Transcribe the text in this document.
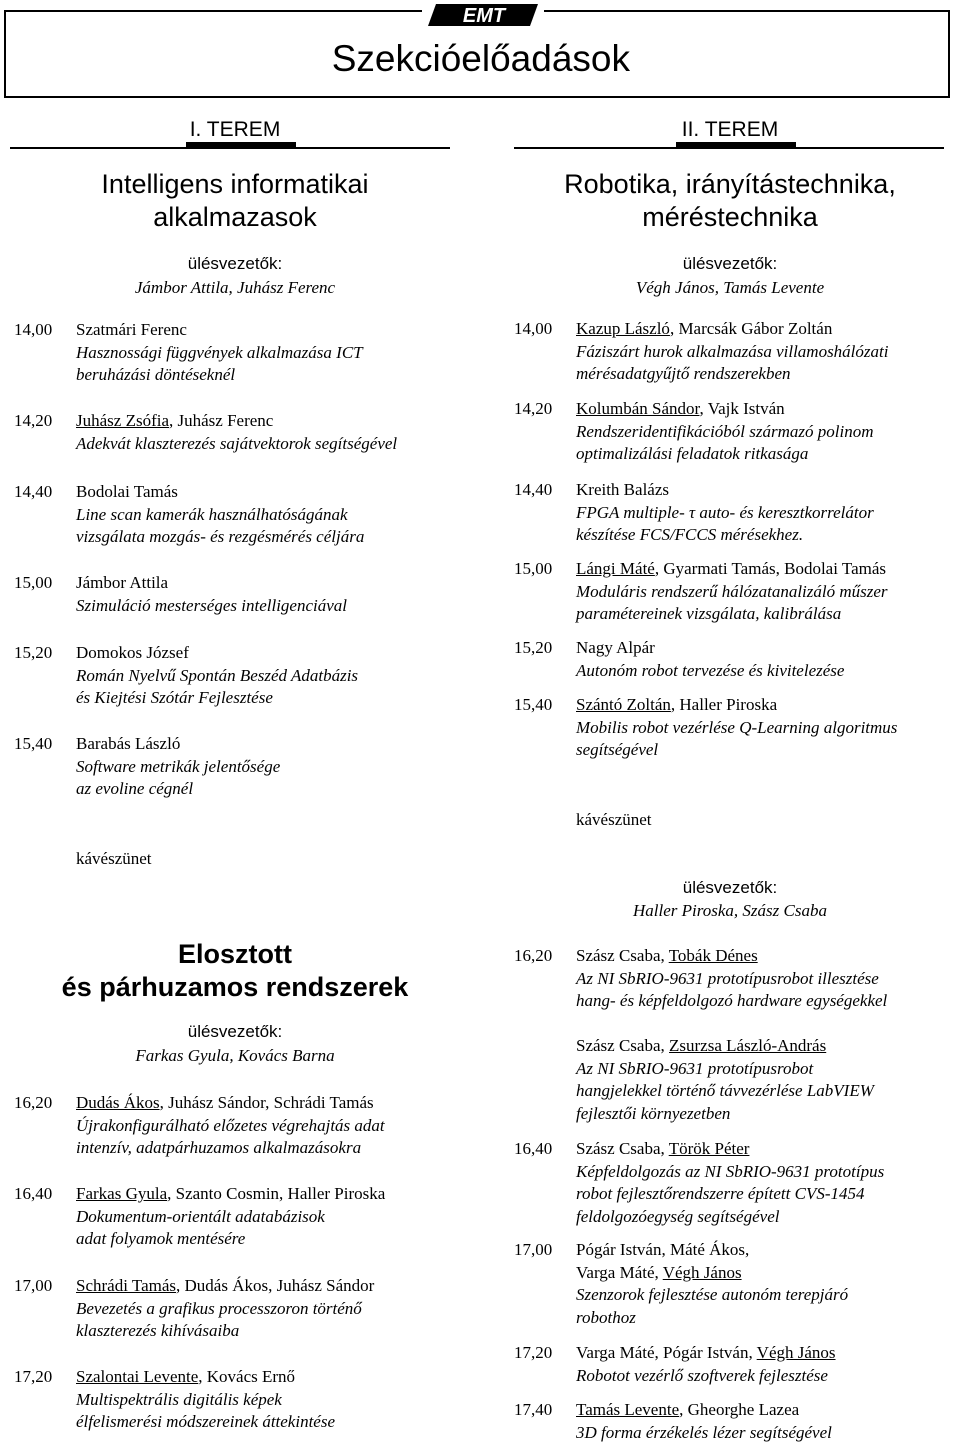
EMT
Szekcióelőadások
I. TEREM
Intelligens informatikai
alkalmazasok
ülésvezetők:
Jámbor Attila, Juhász Ferenc
14,00 Szatmári Ferenc
Hasznossági függvények alkalmazása ICT
beruházási döntéseknél
14,20 Juhász Zsófia, Juhász Ferenc
Adekvát klaszterezés sajátvektorok segítségével
14,40 Bodolai Tamás
Line scan kamerák használhatóságának
vizsgálata mozgás- és rezgésmérés céljára
15,00 Jámbor Attila
Szimuláció mesterséges intelligenciával
15,20 Domokos József
Román Nyelvű Spontán Beszéd Adatbázis
és Kiejtési Szótár Fejlesztése
15,40 Barabás László
Software metrikák jelentősége
az evoline cégnél
kávészünet
Elosztott
és párhuzamos rendszerek
ülésvezetők:
Farkas Gyula, Kovács Barna
16,20 Dudás Ákos, Juhász Sándor, Schrádi Tamás
Újrakonfigurálható előzetes végrehajtás adat
intenzív, adatpárhuzamos alkalmazásokra
16,40 Farkas Gyula, Szanto Cosmin, Haller Piroska
Dokumentum-orientált adatabázisok
adat folyamok mentésére
17,00 Schrádi Tamás, Dudás Ákos, Juhász Sándor
Bevezetés a grafikus processzoron történő
klaszterezés kihívásaiba
17,20 Szalontai Levente, Kovács Ernő
Multispektrális digitális képek
élfelismerési módszereinek áttekintése
II. TEREM
Robotika, irányítástechnika,
méréstechnika
ülésvezetők:
Végh János, Tamás Levente
14,00 Kazup László, Marcsák Gábor Zoltán
Fáziszárt hurok alkalmazása villamoshálózati
mérésadatgyűjtő rendszerekben
14,20 Kolumbán Sándor, Vajk István
Rendszeridentifikációból származó polinom
optimalizálási feladatok ritkasága
14,40 Kreith Balázs
FPGA multiple- τ auto- és keresztkorrelátor
készítése FCS/FCCS mérésekhez.
15,00 Lángi Máté, Gyarmati Tamás, Bodolai Tamás
Moduláris rendszerű hálózatanalizáló műszer
paramétereinek vizsgálata, kalibrálása
15,20 Nagy Alpár
Autonóm robot tervezése és kivitelezése
15,40 Szántó Zoltán, Haller Piroska
Mobilis robot vezérlése Q-Learning algoritmus
segítségével
kávészünet
ülésvezetők:
Haller Piroska, Szász Csaba
16,20 Szász Csaba, Tobák Dénes
Az NI SbRIO-9631 prototípusrobot illesztése
hang- és képfeldolgozó hardware egységekkel
Szász Csaba, Zsurzsa László-András
Az NI SbRIO-9631 prototípusrobot
hangjelekkel történő távvezérlése LabVIEW
fejlesztői környezetben
16,40 Szász Csaba, Török Péter
Képfeldolgozás az NI SbRIO-9631 prototípus
robot fejlesztőrendszerre épített CVS-1454
feldolgozóegység segítségével
17,00 Pógár István, Máté Ákos,
Varga Máté, Végh János
Szenzorok fejlesztése autonóm terepjáró
robothoz
17,20 Varga Máté, Pógár István, Végh János
Robotot vezérlő szoftverek fejlesztése
17,40 Tamás Levente, Gheorghe Lazea
3D forma érzékelés lézer segítségével
